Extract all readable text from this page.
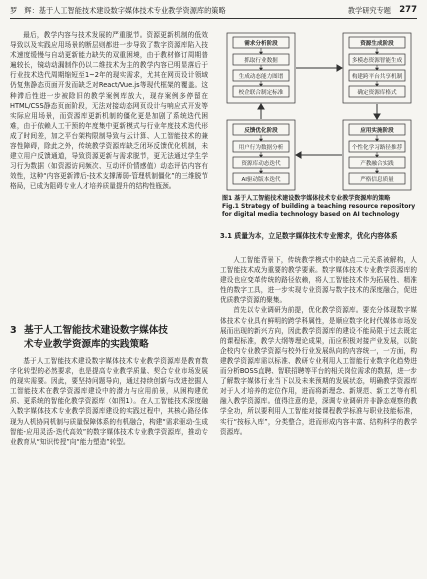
罗　辉：基于人工智能技术建设数字媒体技术专业教学资源库的策略	教学研究专题 277

最后，教学内容与技术发展的严重脱节。资源更新机制的低效导致以及实践应用场景的断层则都进一步导致了数字资源库陷入技术速度缓慢与自动更新能力缺失的双重困境，由于教材修订周期普遍较长，镜动动漏制作仍以二维技术为主的教学内容已明显落后于行业技术迭代周期缩短至1~2年的现实需求，尤其在网页设计领域仍复焦静态页面开发而缺乏对React/Vue.js等现代框架的覆盖。这种滞后性进一步被除旧的教学案例库放大，现存案例多停留在HTML/CSS静态页面阶段，无法对接动态网页设计与响应式开发等实际应用场景，而资源库更新机制的僵化更是加剧了系统迭代困难，由于依赖人工干预的年度集中更新模式与行业年度技术迭代形成了时间差，加之平台架构限制导致与云计算、人工智能技术的兼容性障碍，除此之外，传统教学资源库缺乏闭环反馈优化机制，未建立用户反馈通道，导致资源更新与需求脱节，更无法通过学生学习行为数据（如资源访问频次、互动评价情感值）动态评估内容有效性，这种“内容更新滞后-技术支撑薄弱-管理机制僵化”的三维脱节格局，已成为阻碍专业人才培养质量提升的结构性瓶颈。

3 基于人工智能技术建设数字媒体技
术专业教学资源库的实践策略

基于人工智能技术建设数字媒体技术专业教学资源库是教育数字化转型的必然要求，也是提高专业教学质量、契合专业市场发展的现实需要。因此，要坚持问题导向，通过持续创新与改进挖掘人工智能技术在教学资源库建设中的潜力与应用前景，从困构建优质、更系统的智能化教学资源库（如图1）。在人工智能技术深度融入数字媒体技术专业教学资源库建设的实践过程中，其核心路径体现为人机协同机制与质量保障体系的有机融合，构建“需求驱动-生成智能-应用灵活-迭代高效”的数字媒体技术专业教学资源库，推动专业教育从“知识传授”向“能力塑造”转型。

需求分析阶段
抓取行业数据
生成动态能力图谱
校企联合制定标准
资源生成阶段
多模态资源智能生成
构建跨平台共享机制
确定资源库格式
反馈优化阶段
用户行为数据分析
资源库动态迭代
AI驱动版本迭代
应用实施阶段
个性化学习路径推荐
产教融合实践
严格信息质量
图1 基于人工智能技术建设数字媒体技术专业教学资源库的策略
Fig.1 Strategy of building a teaching resource repository for digital media technology based on AI technology
3.1 质量为本，立足数字媒体技术专业需求，优化内容体系

人工智能背景下，传统教学模式中的缺点二元关系被解构，人工智能技术成为重要的教学要素。数字媒体技术专业教学资源库的建设也应变革传统的路径依赖，将人工智能技术作为拓展性、精准性的数字工具，进一步实现专业资源与数字技术的深度融合，促进优质教学资源的聚集。

首先以专业调研为前提，优化教学资源库。要充分体现数字媒体技术专业具有鲜明的跨学科属性，是顺应数字化时代媒体市场发展而出现的新兴方向，因此教学资源库的建设不能局限于过去既定的课程标准，教学大纲等理论成果，而应积极对接产业发展，以院企校内专业教学资源与校外行业发展纵向的内容统一，一方面，构建教学资源库需以标准、教研专业利用人工智能行业数字化趋势进而分析BOSS直聘、智联招聘等平台的相关岗位需求的数据，进一步了解数字媒体行业当下以及未来预期的发展状态，明确教学资源库对于人才培养的定位作用，进而将新理念、新规范、新工艺等有机融入教学资源库。值得注意的是，深调专业调研并非静态观察的教学全功，所以要利用人工智能对接课程教学标准与职业技能标准，实行“按标入库”，分类整合，进而形成内容丰富、结构科学的教学资源库。
